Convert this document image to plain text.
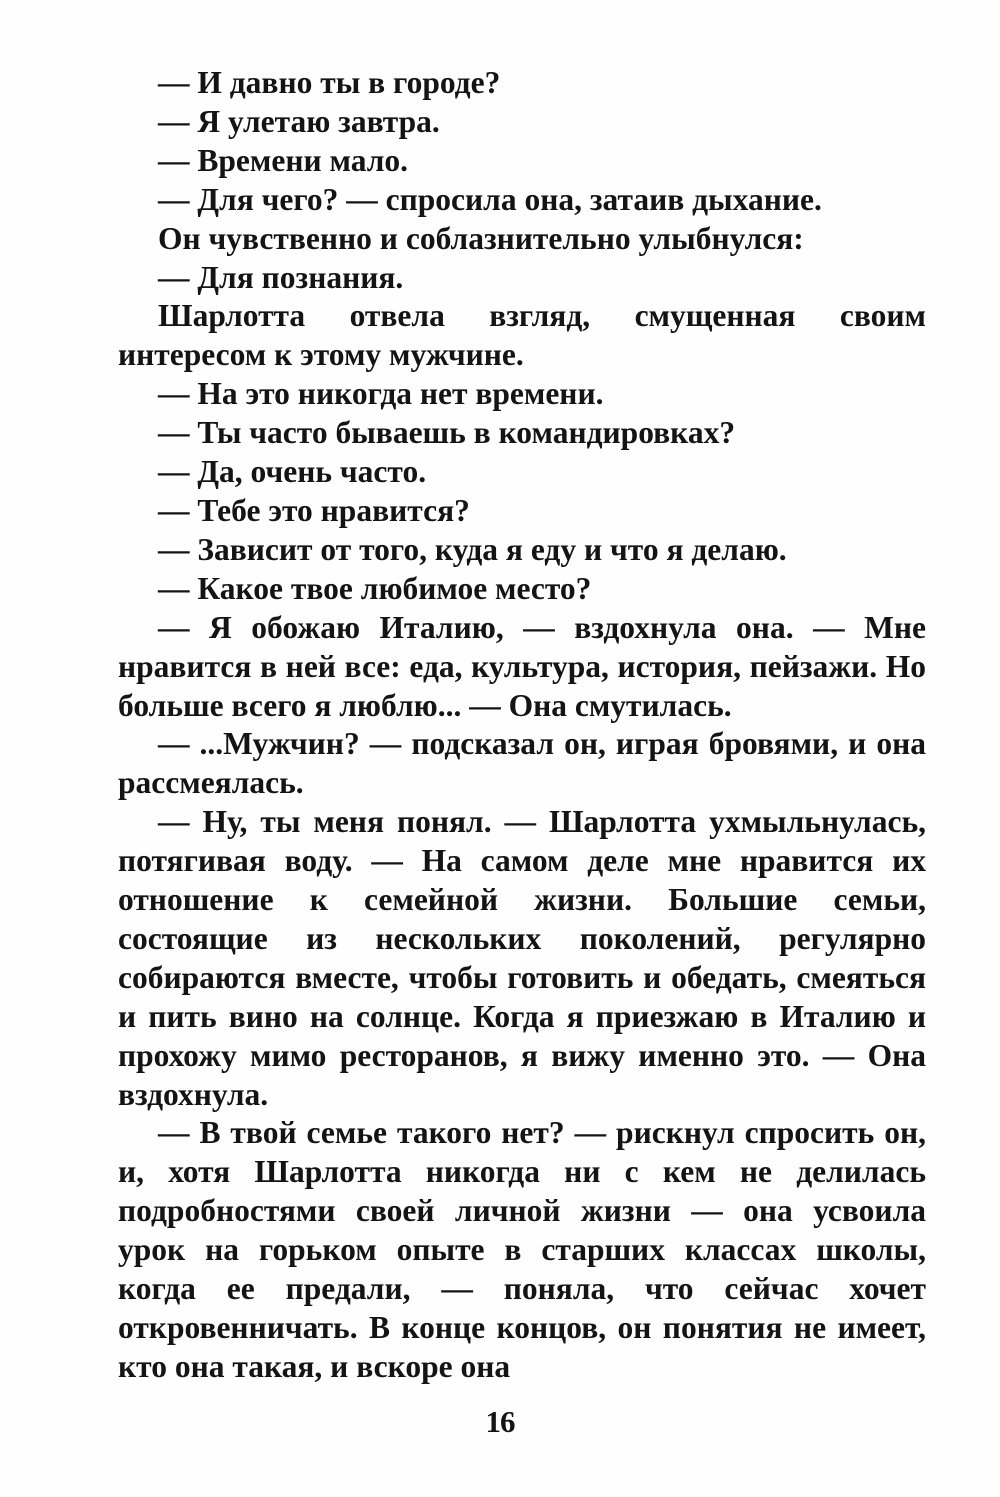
— И давно ты в городе?

— Я улетаю завтра.

— Времени мало.

— Для чего? — спросила она, затаив дыхание.

Он чувственно и соблазнительно улыбнулся:

— Для познания.

Шарлотта отвела взгляд, смущенная своим интересом к этому мужчине.

— На это никогда нет времени.

— Ты часто бываешь в командировках?

— Да, очень часто.

— Тебе это нравится?

— Зависит от того, куда я еду и что я делаю.

— Какое твое любимое место?

— Я обожаю Италию, — вздохнула она. — Мне нравится в ней все: еда, культура, история, пейзажи. Но больше всего я люблю... — Она смутилась.

— ...Мужчин? — подсказал он, играя бровями, и она рассмеялась.

— Ну, ты меня понял. — Шарлотта ухмыльнулась, потягивая воду. — На самом деле мне нравится их отношение к семейной жизни. Большие семьи, состоящие из нескольких поколений, регулярно собираются вместе, чтобы готовить и обедать, смеяться и пить вино на солнце. Когда я приезжаю в Италию и прохожу мимо ресторанов, я вижу именно это. — Она вздохнула.

— В твой семье такого нет? — рискнул спросить он, и, хотя Шарлотта никогда ни с кем не делилась подробностями своей личной жизни — она усвоила урок на горьком опыте в старших классах школы, когда ее предали, — поняла, что сейчас хочет откровенничать. В конце концов, он понятия не имеет, кто она такая, и вскоре она

16
